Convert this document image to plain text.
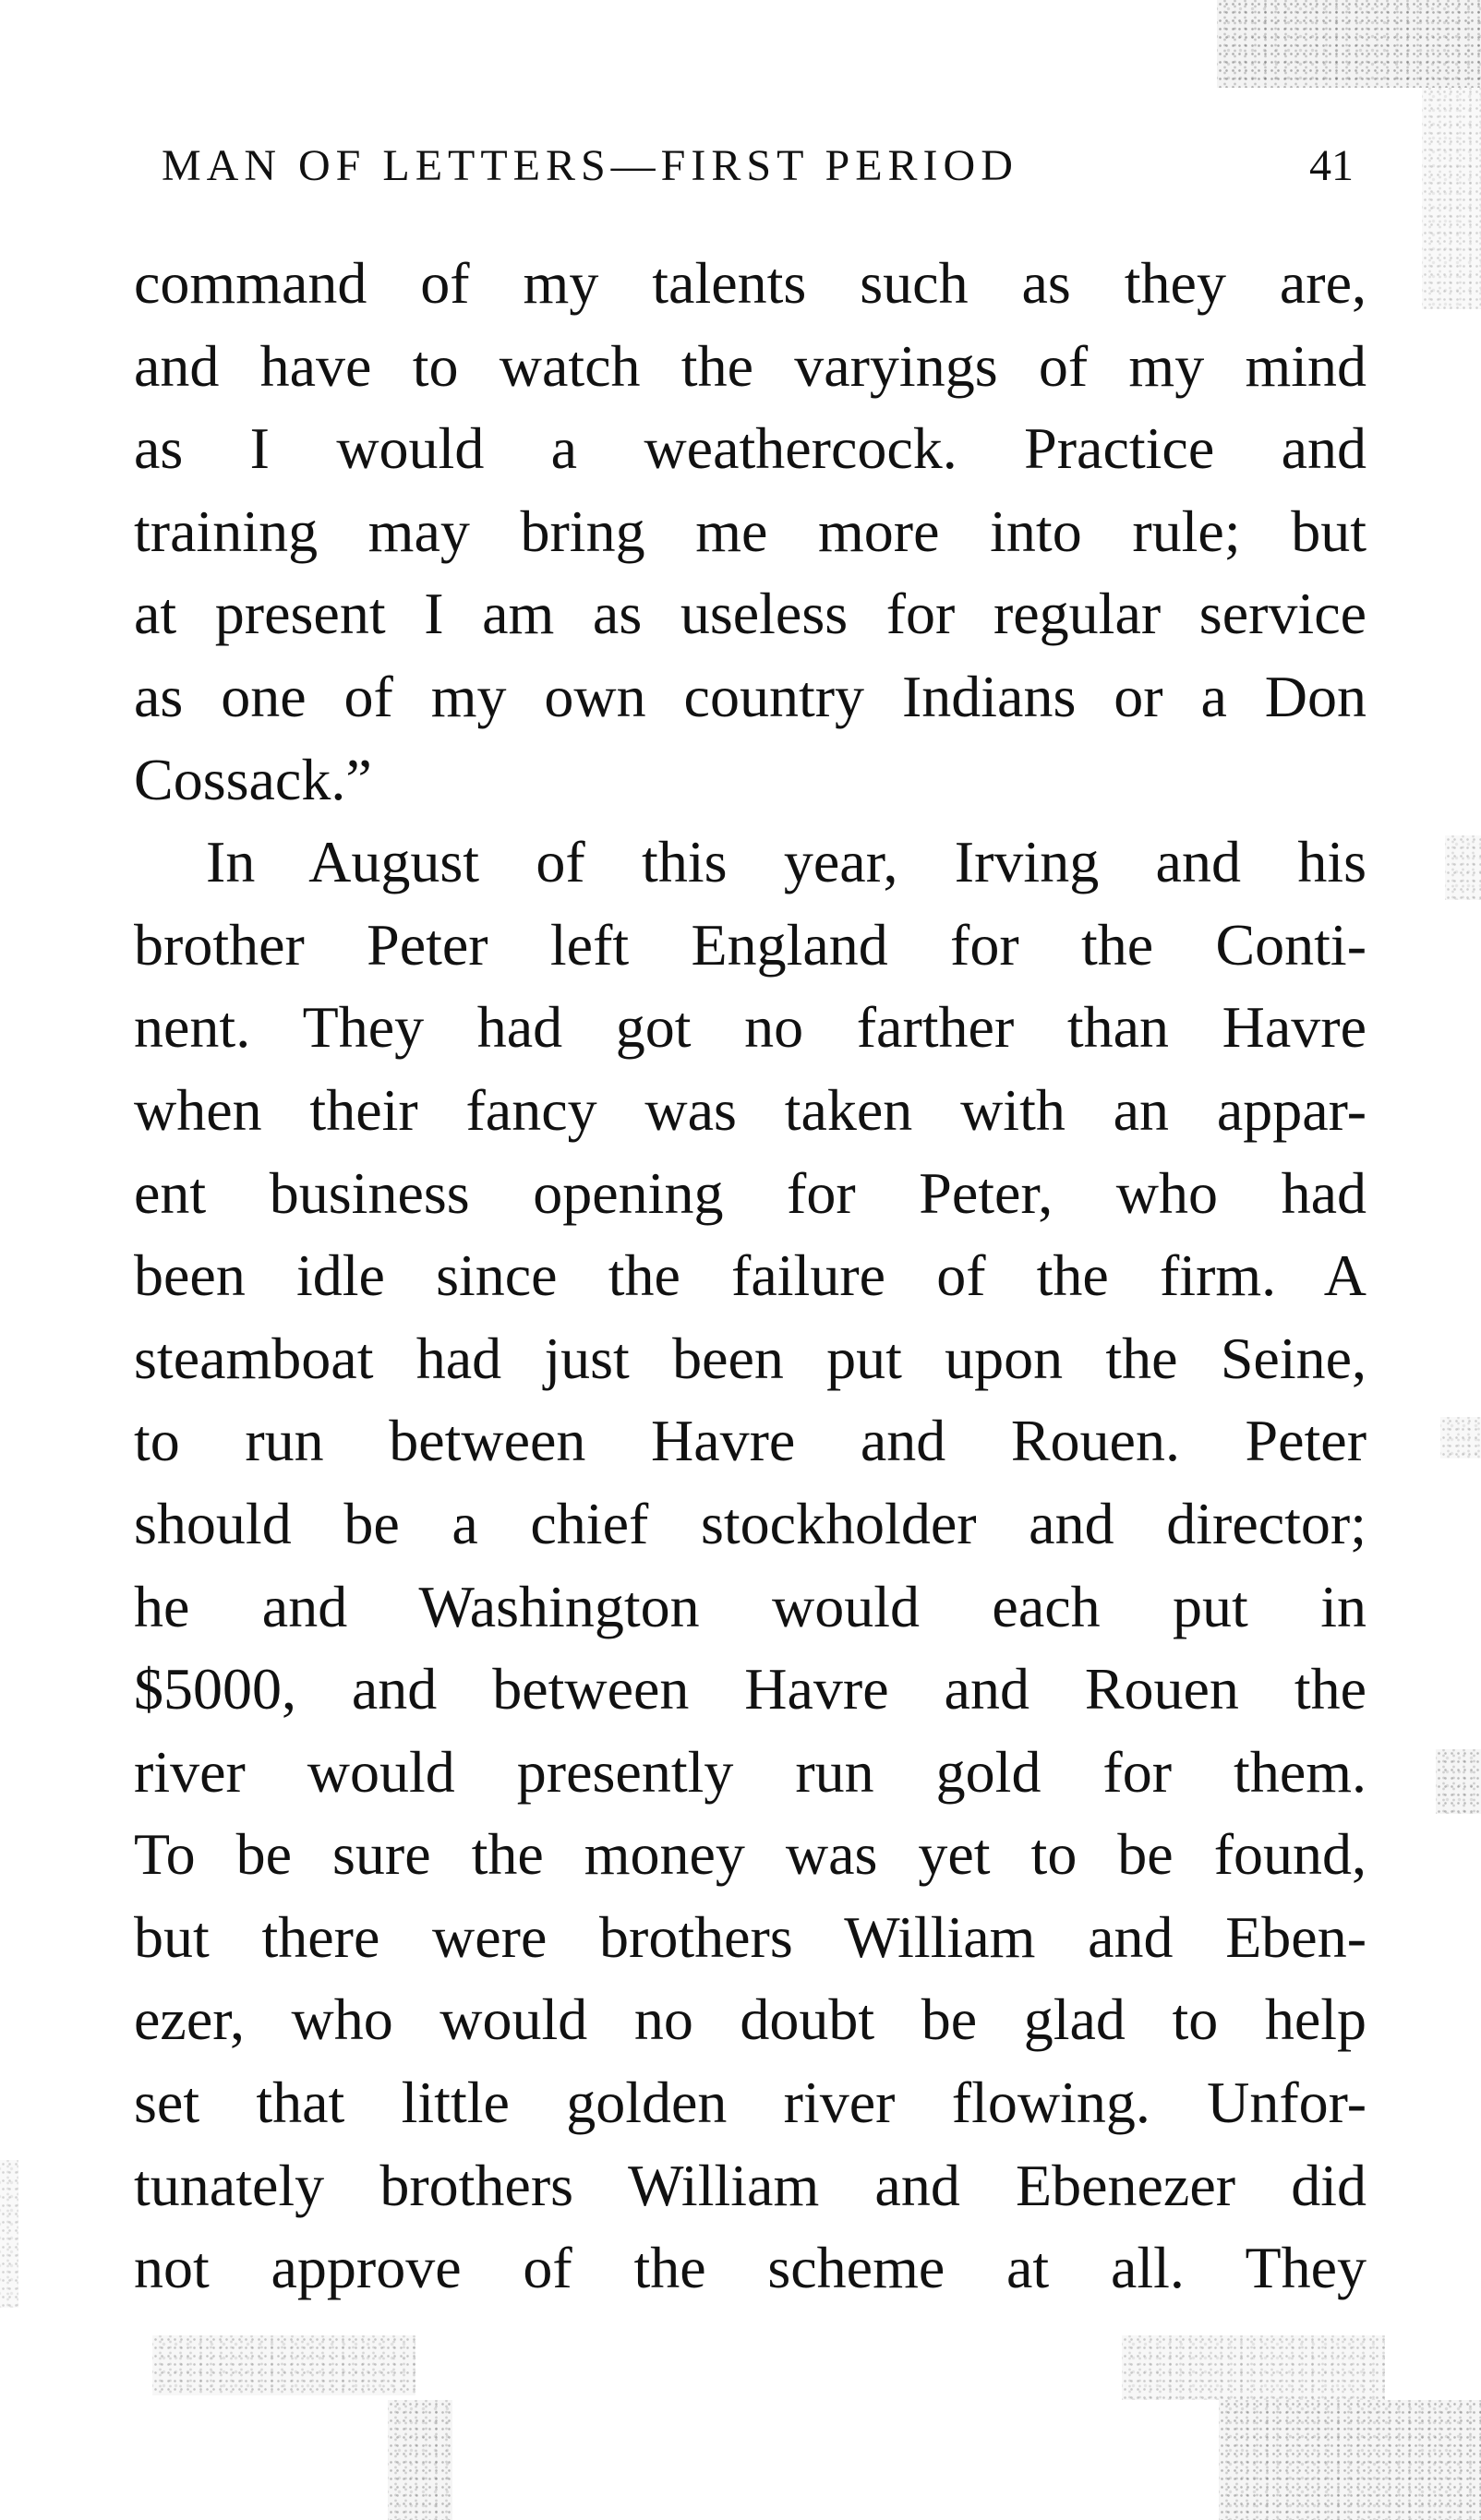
MAN OF LETTERS—FIRST PERIOD	41
command of my talents such as they are,
and have to watch the varyings of my mind
as I would a weathercock. Practice and
training may bring me more into rule; but
at present I am as useless for regular service
as one of my own country Indians or a Don
Cossack.”
In August of this year, Irving and his
brother Peter left England for the Conti-
nent. They had got no farther than Havre
when their fancy was taken with an appar-
ent business opening for Peter, who had
been idle since the failure of the firm. A
steamboat had just been put upon the Seine,
to run between Havre and Rouen. Peter
should be a chief stockholder and director;
he and Washington would each put in
$5000, and between Havre and Rouen the
river would presently run gold for them.
To be sure the money was yet to be found,
but there were brothers William and Eben-
ezer, who would no doubt be glad to help
set that little golden river flowing. Unfor-
tunately brothers William and Ebenezer did
not approve of the scheme at all. They
